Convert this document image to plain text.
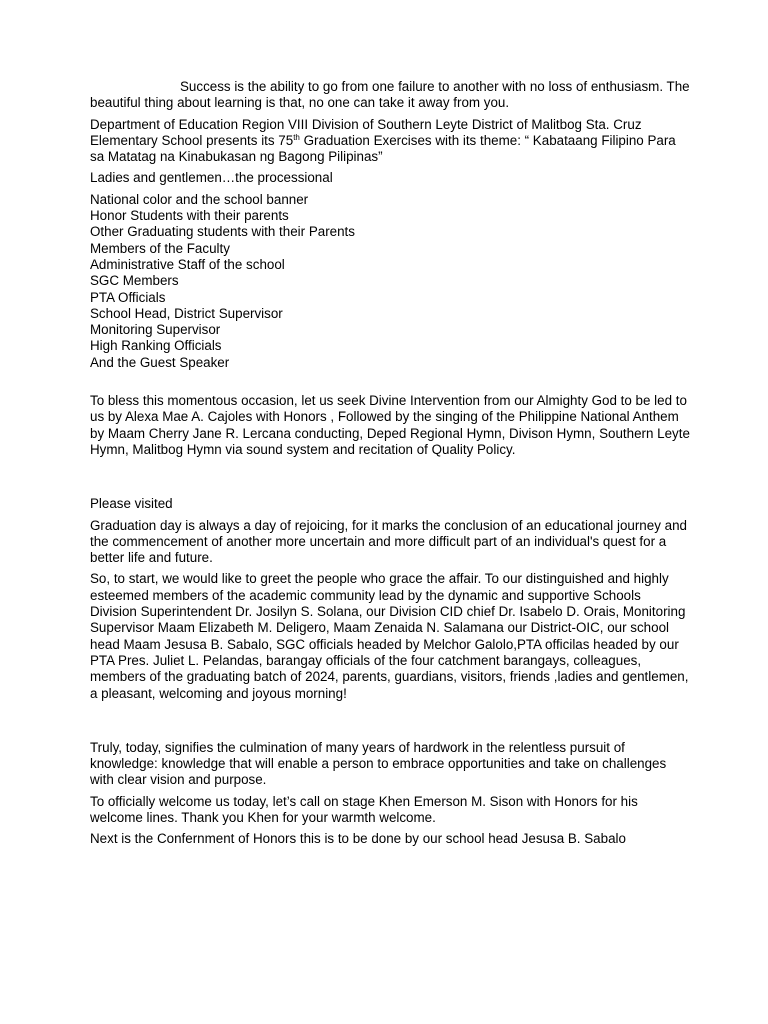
Success is the ability to go from one failure to another with no loss of enthusiasm. The beautiful thing about learning is that, no one can take it away from you.

Department of Education Region VIII Division of Southern Leyte District of Malitbog Sta. Cruz Elementary School presents its 75th Graduation Exercises with its theme: “ Kabataang Filipino Para sa Matatag na Kinabukasan ng Bagong Pilipinas”

Ladies and gentlemen…the processional

National color and the school banner
Honor Students with their parents
Other Graduating students with their Parents
Members of the Faculty
Administrative Staff of the school
SGC Members
PTA Officials
School Head, District Supervisor
Monitoring Supervisor
High Ranking Officials
And the Guest Speaker

To bless this momentous occasion, let us seek Divine Intervention from our Almighty God to be led to us by Alexa Mae A. Cajoles with Honors , Followed by the singing of the Philippine National Anthem by Maam Cherry Jane R. Lercana conducting, Deped Regional Hymn, Divison Hymn, Southern Leyte Hymn, Malitbog Hymn via sound system and recitation of Quality Policy.

Please visited

Graduation day is always a day of rejoicing, for it marks the conclusion of an educational journey and the commencement of another more uncertain and more difficult part of an individual's quest for a better life and future.

So, to start, we would like to greet the people who grace the affair. To our distinguished and highly esteemed members of the academic community lead by the dynamic and supportive Schools Division Superintendent Dr. Josilyn S. Solana, our Division CID chief Dr. Isabelo D. Orais, Monitoring Supervisor Maam Elizabeth M. Deligero, Maam Zenaida N. Salamana our District-OIC, our school head Maam Jesusa B. Sabalo, SGC officials headed by Melchor Galolo,PTA officilas headed by our PTA Pres. Juliet L. Pelandas, barangay officials of the four catchment barangays, colleagues, members of the graduating batch of 2024, parents, guardians, visitors, friends ,ladies and gentlemen, a pleasant, welcoming and joyous morning!

Truly, today, signifies the culmination of many years of hardwork in the relentless pursuit of knowledge: knowledge that will enable a person to embrace opportunities and take on challenges with clear vision and purpose.

To officially welcome us today, let’s call on stage Khen Emerson M. Sison with Honors for his welcome lines. Thank you Khen for your warmth welcome.

Next is the Confernment of Honors this is to be done by our school head Jesusa B. Sabalo
